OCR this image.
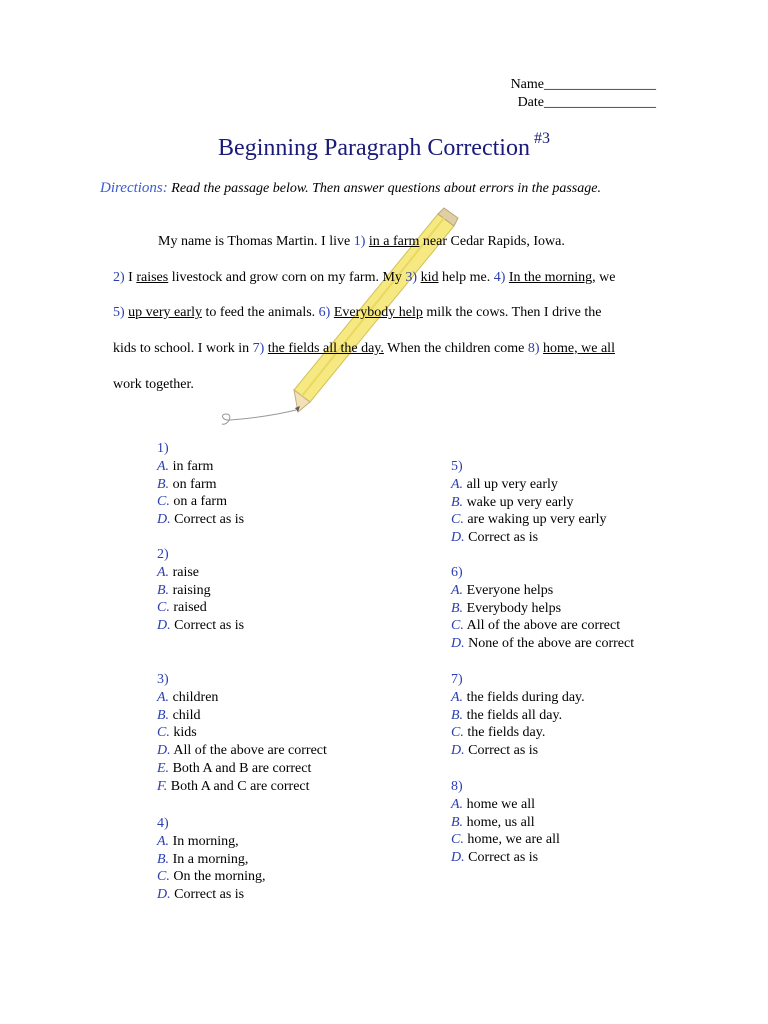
Name________________
Date________________
Beginning Paragraph Correction $^{\#3}$
Directions: Read the passage below. Then answer questions about errors in the passage.
My name is Thomas Martin. I live 1) in a farm near Cedar Rapids, Iowa.
2) I raises livestock and grow corn on my farm. My 3) kid help me. 4) In the morning, we
5) up very early to feed the animals. 6) Everybody help milk the cows. Then I drive the
kids to school. I work in 7) the fields all the day. When the children come 8) home, we all
work together.
1)
A. in farm
B. on farm
C. on a farm
D. Correct as is
2)
A. raise
B. raising
C. raised
D. Correct as is
3)
A. children
B. child
C. kids
D. All of the above are correct
E. Both A and B are correct
F. Both A and C are correct
4)
A. In morning,
B. In a morning,
C. On the morning,
D. Correct as is
5)
A. all up very early
B. wake up very early
C. are waking up very early
D. Correct as is
6)
A. Everyone helps
B. Everybody helps
C. All of the above are correct
D. None of the above are correct
7)
A. the fields during day.
B. the fields all day.
C. the fields day.
D. Correct as is
8)
A. home we all
B. home, us all
C. home, we are all
D. Correct as is
